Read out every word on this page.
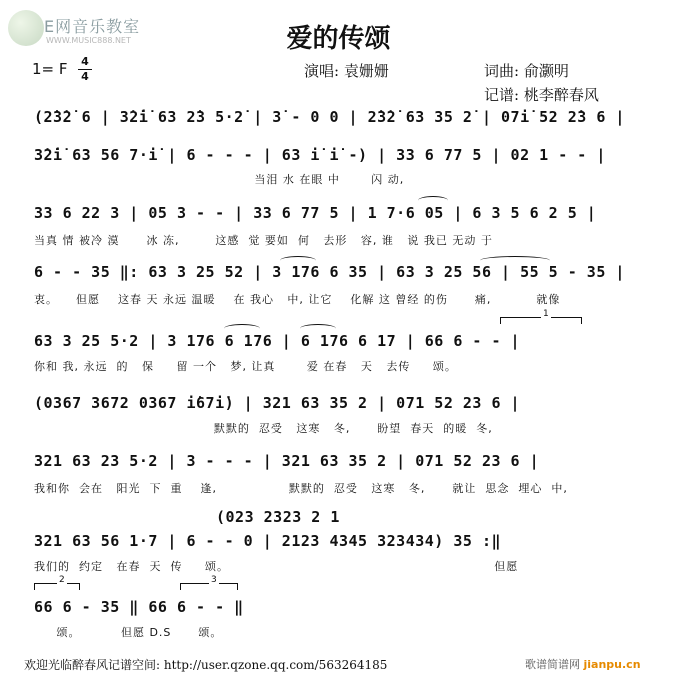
E网音乐教室
WWW.MUSIC888.NET	爱的传颂
1= F 4
4	演唱: 袁姗姗	词曲: 俞灏明
记谱: 桃李醉春风
(2̇3̇2̇ 6 | 3̇2̇i̇ 63 2̇3 5·2̇ | 3̇ - 0 0 | 2̇3̇2̇ 63 35 2̇ | 07i̇ 52 2̇3 6 |
3̇2̇i̇ 63 56 7·i̇ | 6 - - - | 63 i̇ i̇ -) | 33 6 77 5 | 02 1 - - |
当泪 水 在眼 中       闪 动,
33 6 22 3 | 05 3 - - | 33 6 77 5 | 1 7·6 05 | 6 3 5 6 2 5 |
当真 情 被冷 漠      冰 冻,        这感  觉 要如  何   去形   容, 谁   说 我已 无动 于
6 - - 35 ‖: 63 3 25 52 | 3 176 6 35 | 63 3 25 56 | 55 5 - 35 |
衷。    但愿    这春 天 永远 温暖    在 我心   中, 让它    化解 这 曾经 的伤      痛,          就像
63 3 25 5·2 | 3 176 6 176 | 6 176 6 17 | 66 6 - - |
你和 我, 永远  的   保     留 一个   梦, 让真       爱 在春   天   去传     颂。
(0367 3672 0367 i̇67i̇) | 321 63 35 2 | 071 52 23 6 |
默默的  忍受   这寒   冬,      盼望  春天  的暖  冬,
321 63 23 5·2 | 3 - - - | 321 63 35 2 | 071 52 23 6 |
我和你  会在   阳光  下  重    逢,                默默的  忍受   这寒   冬,      就让  思念  埋心  中,
(023 2323 2 1
321 63 56 1·7 | 6 - - 0 | 2123 4345 323434) 35 :‖
我们的  约定   在春  天  传     颂。                                                           但愿
2	3
1
66 6 - 35 ‖ 66 6 - - ‖
颂。         但愿 D.S      颂。
欢迎光临醉春风记谱空间: http://user.qzone.qq.com/563264185	歌谱简谱网 jianpu.cn
